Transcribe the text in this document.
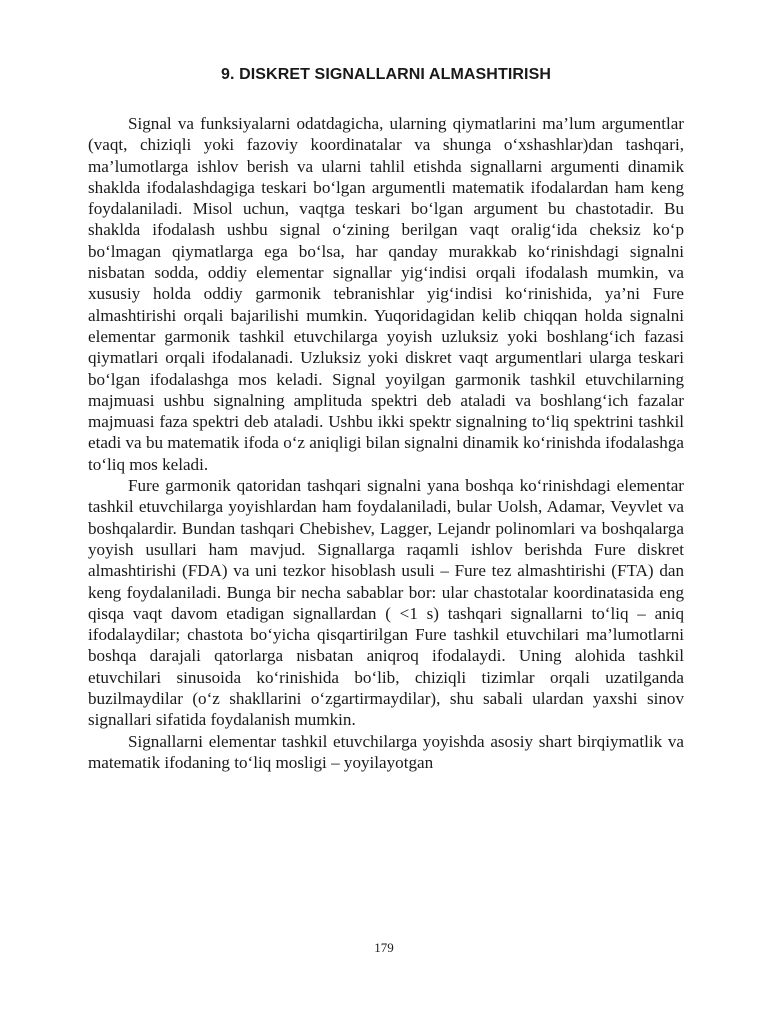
9. DISKRET SIGNALLARNI ALMASHTIRISH

Signal va funksiyalarni odatdagicha, ularning qiymatlarini ma’lum argumentlar (vaqt, chiziqli yoki fazoviy koordinatalar va shunga o‘xshashlar)dan tashqari, ma’lumotlarga ishlov berish va ularni tahlil etishda signallarni argumenti dinamik shaklda ifodalashdagiga teskari bo‘lgan argumentli matematik ifodalardan ham keng foydalaniladi. Misol uchun, vaqtga teskari bo‘lgan argument bu chastotadir. Bu shaklda ifodalash ushbu signal o‘zining berilgan vaqt oralig‘ida cheksiz ko‘p bo‘lmagan qiymatlarga ega bo‘lsa, har qanday murakkab ko‘rinishdagi signalni nisbatan sodda, oddiy elementar signallar yig‘indisi orqali ifodalash mumkin, va xususiy holda oddiy garmonik tebranishlar yig‘indisi ko‘rinishida, ya’ni Fure almashtirishi orqali bajarilishi mumkin. Yuqoridagidan kelib chiqqan holda signalni elementar garmonik tashkil etuvchilarga yoyish uzluksiz yoki boshlang‘ich fazasi qiymatlari orqali ifodalanadi. Uzluksiz yoki diskret vaqt argumentlari ularga teskari bo‘lgan ifodalashga mos keladi. Signal yoyilgan garmonik tashkil etuvchilarning majmuasi ushbu signalning amplituda spektri deb ataladi va boshlang‘ich fazalar majmuasi faza spektri deb ataladi. Ushbu ikki spektr signalning to‘liq spektrini tashkil etadi va bu matematik ifoda o‘z aniqligi bilan signalni dinamik ko‘rinishda ifodalashga to‘liq mos keladi.

Fure garmonik qatoridan tashqari signalni yana boshqa ko‘rinishdagi elementar tashkil etuvchilarga yoyishlardan ham foydalaniladi, bular Uolsh, Adamar, Veyvlet va boshqalardir. Bundan tashqari Chebishev, Lagger, Lejandr polinomlari va boshqalarga yoyish usullari ham mavjud. Signallarga raqamli ishlov berishda Fure diskret almashtirishi (FDA) va uni tezkor hisoblash usuli – Fure tez almashtirishi (FTA) dan keng foydalaniladi. Bunga bir necha sabablar bor: ular chastotalar koordinatasida eng qisqa vaqt davom etadigan signallardan ( <1 s) tashqari signallarni to‘liq – aniq ifodalaydilar; chastota bo‘yicha qisqartirilgan Fure tashkil etuvchilari ma’lumotlarni boshqa darajali qatorlarga nisbatan aniqroq ifodalaydi. Uning alohida tashkil etuvchilari sinusoida ko‘rinishida bo‘lib, chiziqli tizimlar orqali uzatilganda buzilmaydilar (o‘z shakllarini o‘zgartirmaydilar), shu sabali ulardan yaxshi sinov signallari sifatida foydalanish mumkin.

Signallarni elementar tashkil etuvchilarga yoyishda asosiy shart birqiymatlik va matematik ifodaning to‘liq mosligi – yoyilayotgan

179
